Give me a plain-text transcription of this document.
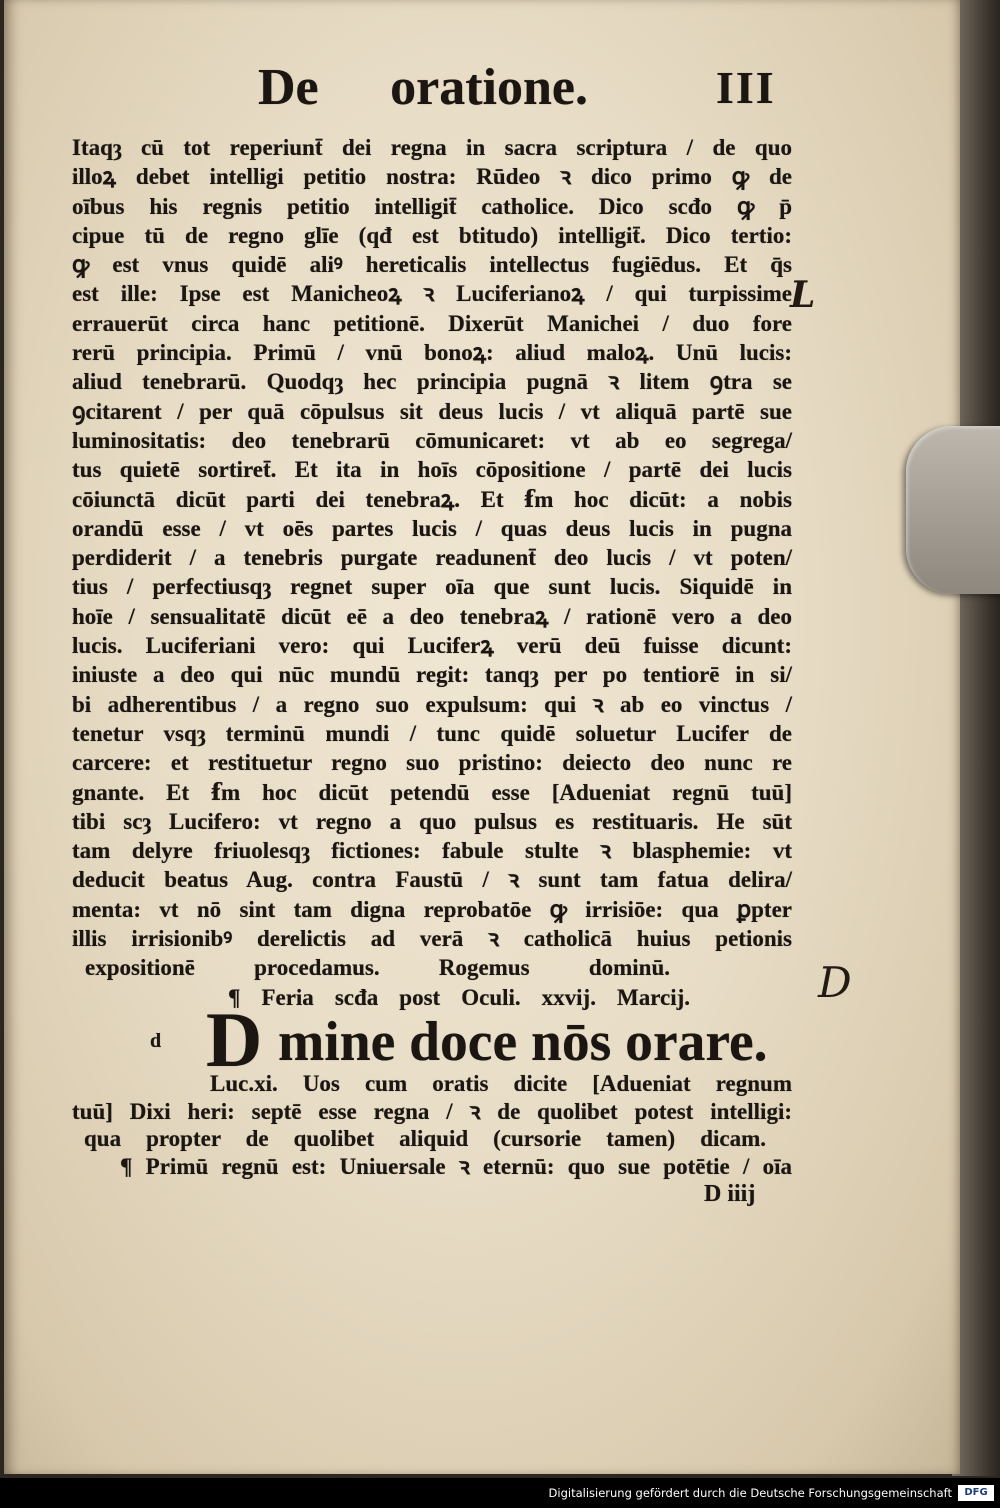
De oratione.	III
Itaqȝ cū tot reperiunt̄ dei regna in sacra scriptura / de quo
illoꝝ debet intelligi petitio nostra: Rūdeo ꝛ dico primo ꝙ de
oībus his regnis petitio intelligit̄ catholice. Dico scđo ꝙ p̄
cipue tū de regno glīe (qđ est btitudo) intelligit̄. Dico tertio:
ꝙ est vnus quidē aliꝰ hereticalis intellectus fugiēdus. Et q̄s
est ille: Ipse est Manicheoꝝ ꝛ Luciferianoꝝ / qui turpissime
errauerūt circa hanc petitionē. Dixerūt Manichei / duo fore
rerū principia. Primū / vnū bonoꝝ: aliud maloꝝ. Unū lucis:
aliud tenebrarū. Quodqȝ hec principia pugnā ꝛ litem ꝯtra se
ꝯcitarent / per quā cōpulsus sit deus lucis / vt aliquā partē sue
luminositatis: deo tenebrarū cōmunicaret: vt ab eo segrega/
tus quietē sortiret̄. Et ita in hoīs cōpositione / partē dei lucis
cōiunctā dicūt parti dei tenebraꝝ. Et ẜm hoc dicūt: a nobis
orandū esse / vt oēs partes lucis / quas deus lucis in pugna
perdiderit / a tenebris purgate readunent̄ deo lucis / vt poten/
tius / perfectiusqȝ regnet super oīa que sunt lucis. Siquidē in
hoīe / sensualitatē dicūt eē a deo tenebraꝝ / rationē vero a deo
lucis. Luciferiani vero: qui Luciferꝝ verū deū fuisse dicunt:
iniuste a deo qui nūc mundū regit: tanqȝ per po tentiorē in si/
bi adherentibus / a regno suo expulsum: qui ꝛ ab eo vinctus /
tenetur vsqȝ terminū mundi / tunc quidē soluetur Lucifer de
carcere: et restituetur regno suo pristino: deiecto deo nunc re
gnante. Et ẜm hoc dicūt petendū esse [Adueniat regnū tuū]
tibi scȝ Lucifero: vt regno a quo pulsus es restituaris. He sūt
tam delyre friuolesqȝ fictiones: fabule stulte ꝛ blasphemie: vt
deducit beatus Aug. contra Faustū / ꝛ sunt tam fatua delira/
menta: vt nō sint tam digna reprobatōe ꝙ irrisiōe: qua ꝑpter
illis irrisionibꝰ derelictis ad verā ꝛ catholicā huius petionis
expositionē procedamus. Rogemus dominū.
¶ Feria scđa post Oculi. xxvij. Marcij.
d D mine doce nōs orare.
Luc.xi. Uos cum oratis dicite [Adueniat regnum
tuū] Dixi heri: septē esse regna / ꝛ de quolibet potest intelligi:
qua propter de quolibet aliquid (cursorie tamen) dicam.
¶ Primū regnū est: Uniuersale ꝛ eternū: quo sue potētie / oīa
D iiij
L
D
Digitalisierung gefördert durch die Deutsche Forschungsgemeinschaft	DFG
